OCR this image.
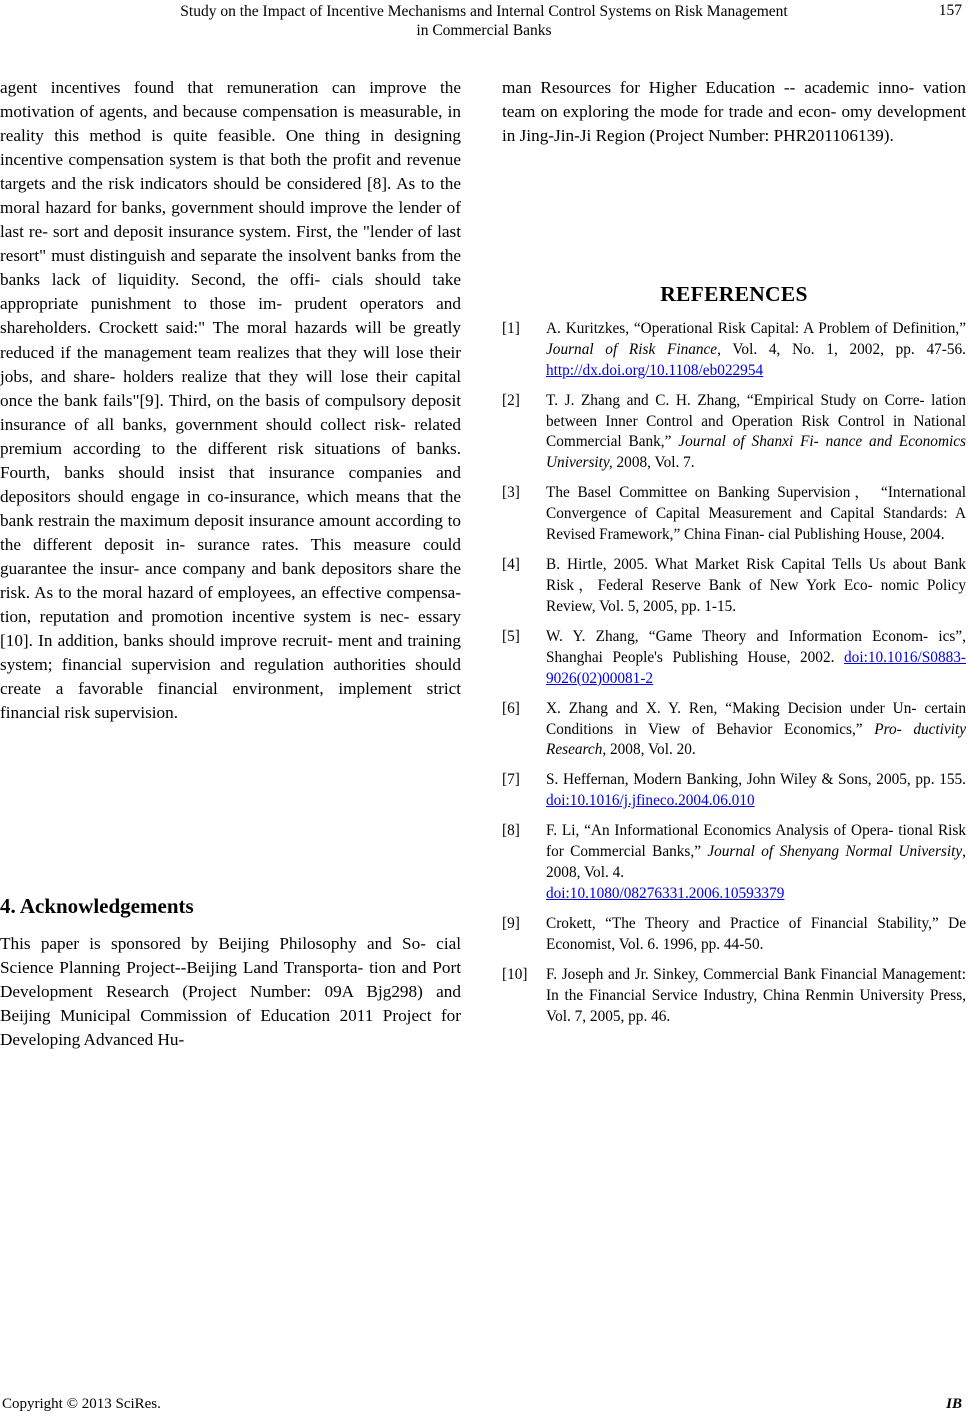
Study on the Impact of Incentive Mechanisms and Internal Control Systems on Risk Management
in Commercial Banks
157

agent incentives found that remuneration can improve the motivation of agents, and because compensation is measurable, in reality this method is quite feasible. One thing in designing incentive compensation system is that both the profit and revenue targets and the risk indicators should be considered [8]. As to the moral hazard for banks, government should improve the lender of last re- sort and deposit insurance system. First, the "lender of last resort" must distinguish and separate the insolvent banks from the banks lack of liquidity. Second, the offi- cials should take appropriate punishment to those im- prudent operators and shareholders. Crockett said:" The moral hazards will be greatly reduced if the management team realizes that they will lose their jobs, and share- holders realize that they will lose their capital once the bank fails"[9]. Third, on the basis of compulsory deposit insurance of all banks, government should collect risk- related premium according to the different risk situations of banks. Fourth, banks should insist that insurance companies and depositors should engage in co-insurance, which means that the bank restrain the maximum deposit insurance amount according to the different deposit in- surance rates. This measure could guarantee the insur- ance company and bank depositors share the risk. As to the moral hazard of employees, an effective compensa- tion, reputation and promotion incentive system is nec- essary [10]. In addition, banks should improve recruit- ment and training system; financial supervision and regulation authorities should create a favorable financial environment, implement strict financial risk supervision.

4. Acknowledgements

This paper is sponsored by Beijing Philosophy and So- cial Science Planning Project--Beijing Land Transporta- tion and Port Development Research (Project Number: 09A Bjg298) and Beijing Municipal Commission of Education 2011 Project for Developing Advanced Hu-

man Resources for Higher Education -- academic inno- vation team on exploring the mode for trade and econ- omy development in Jing-Jin-Ji Region (Project Number: PHR201106139).

REFERENCES
[1] A. Kuritzkes, “Operational Risk Capital: A Problem of Definition,” Journal of Risk Finance, Vol. 4, No. 1, 2002, pp. 47-56. http://dx.doi.org/10.1108/eb022954
[2] T. J. Zhang and C. H. Zhang, “Empirical Study on Corre- lation between Inner Control and Operation Risk Control in National Commercial Bank,” Journal of Shanxi Fi- nance and Economics University, 2008, Vol. 7.
[3] The Basel Committee on Banking Supervision， “International Convergence of Capital Measurement and Capital Standards: A Revised Framework,” China Finan- cial Publishing House, 2004.
[4] B. Hirtle, 2005. What Market Risk Capital Tells Us about Bank Risk，Federal Reserve Bank of New York Eco- nomic Policy Review, Vol. 5, 2005, pp. 1-15.
[5] W. Y. Zhang, “Game Theory and Information Econom- ics”, Shanghai People's Publishing House, 2002. doi:10.1016/S0883-9026(02)00081-2
[6] X. Zhang and X. Y. Ren, “Making Decision under Un- certain Conditions in View of Behavior Economics,” Pro- ductivity Research, 2008, Vol. 20.
[7] S. Heffernan, Modern Banking, John Wiley & Sons, 2005, pp. 155. doi:10.1016/j.jfineco.2004.06.010
[8] F. Li, “An Informational Economics Analysis of Opera- tional Risk for Commercial Banks,” Journal of Shenyang Normal University, 2008, Vol. 4.
doi:10.1080/08276331.2006.10593379
[9] Crokett, “The Theory and Practice of Financial Stability,” De Economist, Vol. 6. 1996, pp. 44-50.
[10] F. Joseph and Jr. Sinkey, Commercial Bank Financial Management: In the Financial Service Industry, China Renmin University Press, Vol. 7, 2005, pp. 46.
Copyright © 2013 SciRes.	IB
